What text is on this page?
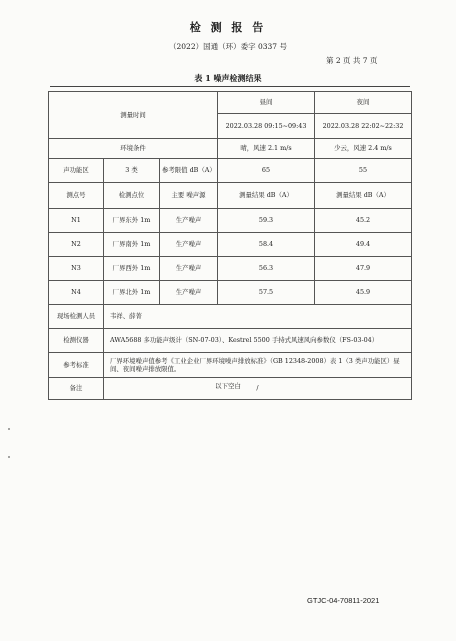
检 测 报 告
（2022）国通（环）委字 0337 号
第 2 页 共 7 页
表 1 噪声检测结果
测量时间			昼间	夜间
			2022.03.28 09:15~09:43	2022.03.28 22:02~22:32
环境条件			晴，风速 2.1 m/s	少云，风速 2.4 m/s
声功能区	3 类	参考限值 dB（A）	65	55
测点号	检测点位	主要 噪声源	测量结果 dB（A）	测量结果 dB（A）
N1	厂界东外 1m	生产噪声	59.3	45.2
N2	厂界南外 1m	生产噪声	58.4	49.4
N3	厂界西外 1m	生产噪声	56.3	47.9
N4	厂界北外 1m	生产噪声	57.5	45.9
现场检测人员	韦祥、薛菁			
检测仪器	AWA5688 多功能声级计（SN-07-03）、Kestrel 5500 手持式风速风向参数仪（FS-03-04）			
参考标准	厂界环境噪声值参考《工业企业厂界环境噪声排放标准》（GB 12348-2008）表 1（3 类声功能区）昼间、夜间噪声排放限值。			
备注	/			
以下空白
GTJC-04-70811-2021
